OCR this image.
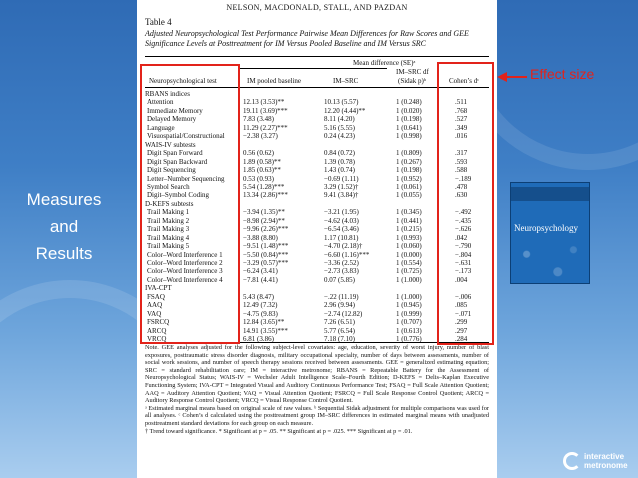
Measures
and
Results
NELSON, MACDONALD, STALL, AND PAZDAN
Table 4
Adjusted Neuropsychological Test Performance Pairwise Mean Differences for Raw Scores and GEE Significance Levels at Posttreatment for IM Versus Pooled Baseline and IM Versus SRC
Mean difference (SE)ᵃ
IM–SRC df
Neuropsychological test	IM pooled baseline	IM–SRC	(Sidak p)ᵇ	Cohen’s dᶜ
RBANS indices
Attention	12.13 (3.53)**	10.13 (5.57)	1 (0.248)	.511
Immediate Memory	19.11 (3.69)***	12.20 (4.44)**	1 (0.020)	.768
Delayed Memory	7.83 (3.48)	8.11 (4.20)	1 (0.198)	.527
Language	11.29 (2.27)***	5.16 (5.55)	1 (0.641)	.349
Visuospatial/Constructional	−2.38 (3.27)	0.24 (4.23)	1 (0.998)	.016
WAIS-IV subtests
Digit Span Forward	0.56 (0.62)	0.84 (0.72)	1 (0.809)	.317
Digit Span Backward	1.89 (0.58)**	1.39 (0.78)	1 (0.267)	.593
Digit Sequencing	1.85 (0.63)**	1.43 (0.74)	1 (0.198)	.588
Letter–Number Sequencing	0.53 (0.93)	−0.69 (1.11)	1 (0.952)	−.189
Symbol Search	5.54 (1.28)***	3.29 (1.52)†	1 (0.061)	.478
Digit–Symbol Coding	13.34 (2.86)***	9.41 (3.84)†	1 (0.055)	.630
D-KEFS subtests
Trail Making 1	−3.94 (1.35)**	−3.21 (1.95)	1 (0.345)	−.492
Trail Making 2	−8.98 (2.94)**	−4.62 (4.03)	1 (0.441)	−.435
Trail Making 3	−9.96 (2.26)***	−6.54 (3.46)	1 (0.215)	−.626
Trail Making 4	−3.88 (8.80)	1.17 (10.81)	1 (0.993)	.042
Trail Making 5	−9.51 (1.48)***	−4.70 (2.18)†	1 (0.060)	−.790
Color–Word Interference 1	−5.50 (0.84)***	−6.60 (1.16)***	1 (0.000)	−.804
Color–Word Interference 2	−3.29 (0.57)***	−3.36 (2.52)	1 (0.554)	−.631
Color–Word Interference 3	−6.24 (3.41)	−2.73 (3.83)	1 (0.725)	−.173
Color–Word Interference 4	−7.81 (4.41)	0.07 (5.85)	1 (1.000)	.004
IVA-CPT
FSAQ	5.43 (8.47)	−.22 (11.19)	1 (1.000)	−.006
AAQ	12.49 (7.32)	2.96 (9.94)	1 (0.945)	.085
VAQ	−4.75 (9.83)	−2.74 (12.82)	1 (0.999)	−.071
FSRCQ	12.84 (3.65)**	7.26 (6.51)	1 (0.707)	.299
ARCQ	14.91 (3.55)***	5.77 (6.54)	1 (0.613)	.297
VRCQ	6.81 (3.86)	7.18 (7.10)	1 (0.776)	.284

Note. GEE analyses adjusted for the following subject-level covariates: age, education, severity of worst injury, number of blast exposures, posttraumatic stress disorder diagnosis, military occupational specialty, number of days between assessments, number of social work sessions, and number of speech therapy sessions received between assessments. GEE = generalized estimating equation; SRC = standard rehabilitation care; IM = interactive metronome; RBANS = Repeatable Battery for the Assessment of Neuropsychological Status; WAIS-IV = Wechsler Adult Intelligence Scale–Fourth Edition; D-KEFS = Delis–Kaplan Executive Functioning System; IVA-CPT = Integrated Visual and Auditory Continuous Performance Test; FSAQ = Full Scale Attention Quotient; AAQ = Auditory Attention Quotient; VAQ = Visual Attention Quotient; FSRCQ = Full Scale Response Control Quotient; ARCQ = Auditory Response Control Quotient; VRCQ = Visual Response Control Quotient.

ᵃ Estimated marginal means based on original scale of raw values. ᵇ Sequential Sidak adjustment for multiple comparisons was used for all analyses. ᶜ Cohen’s d calculated using the posttreatment group IM–SRC differences in estimated marginal means with unadjusted posttreatment standard deviations for each group on each measure.

† Trend toward significance. * Significant at p = .05. ** Significant at p = .025. *** Significant at p = .01.

Effect size
Neuropsychology
interactive
metronome
